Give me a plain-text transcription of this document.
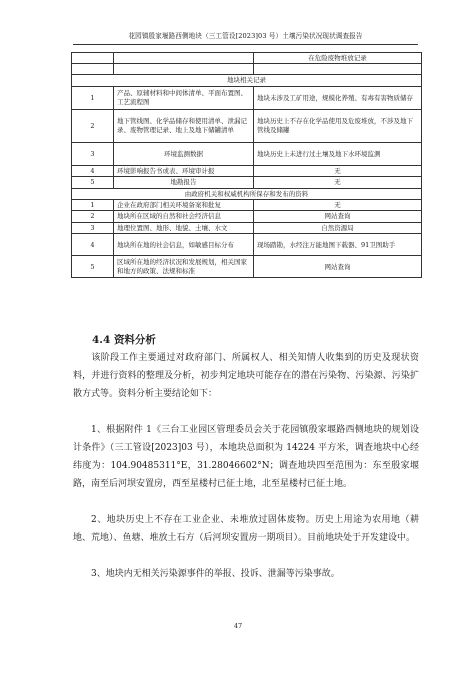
花园镇殷家堰路西侧地块（三工管设[2023]03 号）土壤污染状况现状调查报告
		在危险废物堆放记录

地块相关记录		
1	产品、原辅材料和中间体清单、平面布置图、工艺流程图	地块未涉及工矿用途，规模化养殖、有毒有害物质储存
2	地下管线图、化学品储存和使用清单、泄漏记录、废物管理记录、地上及地下储罐清单	地块历史上不存在化学品使用及危废堆放，不涉及地下管线及储罐
3	环境监测数据	地块历史上未进行过土壤及地下水环境监测
4	环境影响报告书或表、环境审计报	无
5	地勘报告	无
由政府机关和权威机构所保存和发布的资料		
1	企业在政府部门相关环境备案和批复	无
2	地块所在区域的自然和社会经济信息	网站查询
3	地理位置图、地形、地貌、土壤、水文	自然资源局
4	地块所在地的社会信息，如敏感目标分布	现场踏勘，水经注万能地图下载器、91卫图助手
5	区域所在地的经济状况和发展规划，相关国家和地方的政策、法规和标准	网站查询
4.4 资料分析
该阶段工作主要通过对政府部门、所属权人、相关知情人收集到的历史及现状资料，并进行资料的整理及分析，初步判定地块可能存在的潜在污染物、污染源、污染扩散方式等。资料分析主要结论如下：
1、根据附件 1《三台工业园区管理委员会关于花园镇殷家堰路西侧地块的规划设计条件》（三工管设[2023]03 号），本地块总面积为 14224 平方米，调查地块中心经纬度为：104.90485311°E，31.28046602°N；调查地块四至范围为：东至殷家堰路，南至后河坝安置房，西至星楼村已征土地，北至星楼村已征土地。
2、地块历史上不存在工业企业、未堆放过固体废物。历史上用途为农用地（耕地、荒地）、鱼塘、堆放土石方（后河坝安置房一期项目）。目前地块处于开发建设中。
3、地块内无相关污染源事件的举报、投诉、泄漏等污染事故。
47
